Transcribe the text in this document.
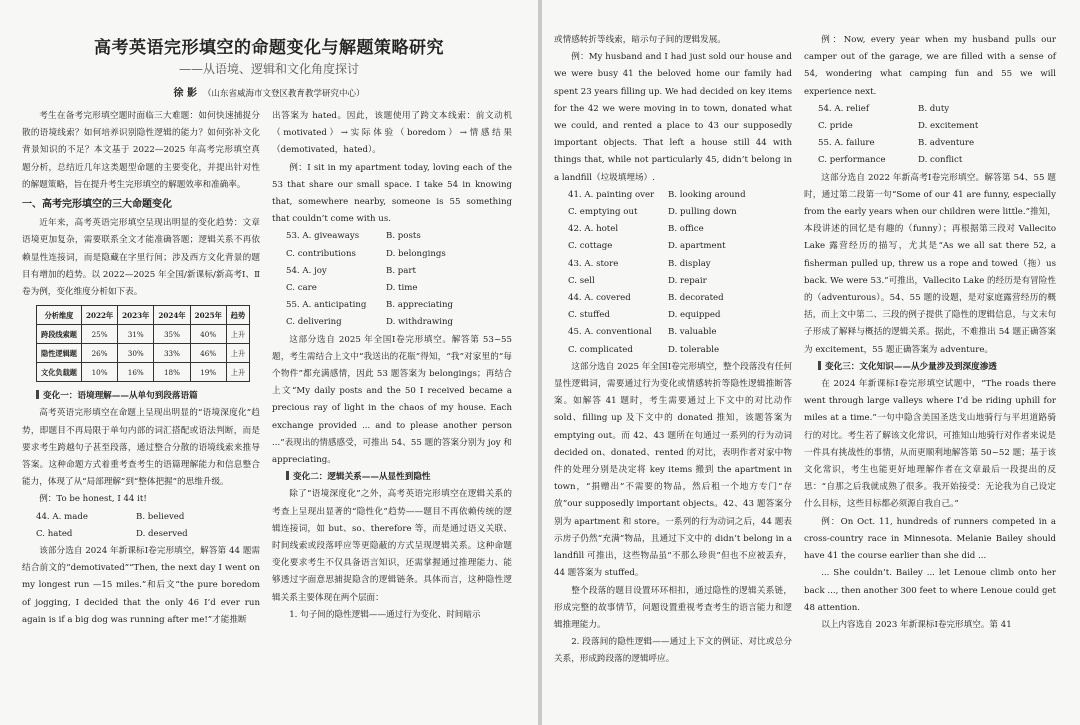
高考英语完形填空的命题变化与解题策略研究
——从语境、逻辑和文化角度探讨
徐 影 （山东省威海市文登区教育教学研究中心）

考生在备考完形填空题时面临三大难题：如何快速捕捉分散的语境线索？如何培养识别隐性逻辑的能力？如何弥补文化背景知识的不足？本文基于 2022—2025 年高考完形填空真题分析，总结近几年这类题型命题的主要变化，并提出针对性的解题策略，旨在提升考生完形填空的解题效率和准确率。

一、高考完形填空的三大命题变化

近年来，高考英语完形填空呈现出明显的变化趋势：文章语境更加复杂，需要联系全文才能准确答题；逻辑关系不再依赖显性连接词，而是隐藏在字里行间；涉及西方文化背景的题目有增加的趋势。以 2022—2025 年全国/新课标/新高考Ⅰ、Ⅱ卷为例，变化维度分析如下表。

分析维度	2022年	2023年	2024年	2025年	趋势
跨段线索题	25%	31%	35%	40%	上升
隐性逻辑题	26%	30%	33%	46%	上升
文化负载题	10%	16%	18%	19%	上升

变化一：语境理解——从单句到段落语篇

高考英语完形填空在命题上呈现出明显的“语境深度化”趋势，即题目不再局限于单句内部的词汇搭配或语法判断，而是要求考生跨越句子甚至段落，通过整合分散的语境线索来推导答案。这种命题方式着重考查考生的语篇理解能力和信息整合能力，体现了从“局部理解”到“整体把握”的思维升级。

例：To be honest, I 44 it!

44. A. made	B. believed
C. hated	D. deserved

该部分选自 2024 年新课标Ⅰ卷完形填空，解答第 44 题需结合前文的“demotivated”“Then, the next day I went on my longest run —15 miles.”和后文“the pure boredom of jogging, I decided that the only 46 I’d ever run again is if a big dog was running after me!”才能推断

出答案为 hated。因此，该题使用了跨文本线索：前文动机（motivated）→实际体验（boredom）→情感结果（demotivated，hated）。

例：I sit in my apartment today, loving each of the 53 that share our small space. I take 54 in knowing that, somewhere nearby, someone is 55 something that couldn’t come with us.

53. A. giveaways	B. posts
C. contributions	D. belongings
54. A. joy	B. part
C. care	D. time
55. A. anticipating	B. appreciating
C. delivering	D. withdrawing

这部分选自 2025 年全国Ⅰ卷完形填空。解答第 53~55 题，考生需结合上文中“我送出的花瓶”得知，“我”对家里的“每个物件”都充满感情，因此 53 题答案为 belongings；再结合上文“My daily posts and the 50 I received became a precious ray of light in the chaos of my house. Each exchange provided ... and to please another person ...”表现出的情感感受，可推出 54、55 题的答案分别为 joy 和 appreciating。

变化二：逻辑关系——从显性到隐性

除了“语境深度化”之外，高考英语完形填空在逻辑关系的考查上呈现出显著的“隐性化”趋势——题目不再依赖传统的逻辑连接词，如 but、so、therefore 等，而是通过语义关联、时间线索或段落呼应等更隐蔽的方式呈现逻辑关系。这种命题变化要求考生不仅具备语言知识，还需掌握通过推理能力、能够透过字面意思捕捉隐含的逻辑链条。具体而言，这种隐性逻辑关系主要体现在两个层面：

1. 句子间的隐性逻辑——通过行为变化、时间暗示

或情感转折等线索，暗示句子间的逻辑发展。

例：My husband and I had just sold our house and we were busy 41 the beloved home our family had spent 23 years filling up. We had decided on key items for the 42 we were moving in to town, donated what we could, and rented a place to 43 our supposedly important objects. That left a house still 44 with things that, while not particularly 45, didn’t belong in a landfill（垃圾填埋场）.

41. A. painting over	B. looking around
C. emptying out	D. pulling down
42. A. hotel	B. office
C. cottage	D. apartment
43. A. store	B. display
C. sell	D. repair
44. A. covered	B. decorated
C. stuffed	D. equipped
45. A. conventional	B. valuable
C. complicated	D. tolerable

这部分选自 2025 年全国Ⅰ卷完形填空，整个段落没有任何显性逻辑词，需要通过行为变化或情感转折等隐性逻辑推断答案。如解答 41 题时，考生需要通过上下文中的对比动作 sold、filling up 及下文中的 donated 推知，该题答案为 emptying out。而 42、43 题所在句通过一系列的行为动词 decided on、donated、rented 的对比，表明作者对家中物件的处理分别是决定将 key items 搬到 the apartment in town，“捐赠出”不需要的物品，然后租一个地方专门“存放”our supposedly important objects。42、43 题答案分别为 apartment 和 store。一系列的行为动词之后，44 题表示房子仍然“充满”物品，且通过下文中的 didn’t belong in a landfill 可推出，这些物品虽“不那么珍贵”但也不应被丢弃，44 题答案为 stuffed。

整个段落的题目设置环环相扣，通过隐性的逻辑关系链，形成完整的故事情节，问题设置重视考查考生的语言能力和逻辑推理能力。

2. 段落间的隐性逻辑——通过上下文的例证、对比或总分关系，形成跨段落的逻辑呼应。

例：Now, every year when my husband pulls our camper out of the garage, we are filled with a sense of 54, wondering what camping fun and 55 we will experience next.

54. A. relief	B. duty
C. pride	D. excitement
55. A. failure	B. adventure
C. performance	D. conflict

这部分选自 2022 年新高考Ⅰ卷完形填空。解答第 54、55 题时，通过第二段第一句“Some of our 41 are funny, especially from the early years when our children were little.”推知，本段讲述的回忆是有趣的（funny）；再根据第三段对 Vallecito Lake 露营经历的描写，尤其是“As we all sat there 52, a fisherman pulled up, threw us a rope and towed（拖）us back. We were 53.”可推出，Vallecito Lake 的经历是有冒险性的（adventurous）。54、55 题的设题，是对家庭露营经历的概括，而上文中第二、三段的例子提供了隐性的逻辑信息，与文末句子形成了解释与概括的逻辑关系。据此，不难推出 54 题正确答案为 excitement，55 题正确答案为 adventure。

变化三：文化知识——从少量涉及到深度渗透

在 2024 年新课标Ⅰ卷完形填空试题中，“The roads there went through large valleys where I’d be riding uphill for miles at a time.”一句中隐含美国圣迭戈山地骑行与平坦道路骑行的对比。考生若了解该文化常识，可推知山地骑行对作者来说是一件具有挑战性的事情，从而更顺利地解答第 50~52 题；基于该文化常识，考生也能更好地理解作者在文章最后一段提出的反思：“自那之后我就成熟了很多。我开始接受：无论我为自己设定什么目标，这些目标都必须源自我自己。”

例：On Oct. 11, hundreds of runners competed in a cross-country race in Minnesota. Melanie Bailey should have 41 the course earlier than she did ...

... She couldn’t. Bailey ... let Lenoue climb onto her back ..., then another 300 feet to where Lenoue could get 48 attention.

以上内容选自 2023 年新课标Ⅰ卷完形填空。第 41
